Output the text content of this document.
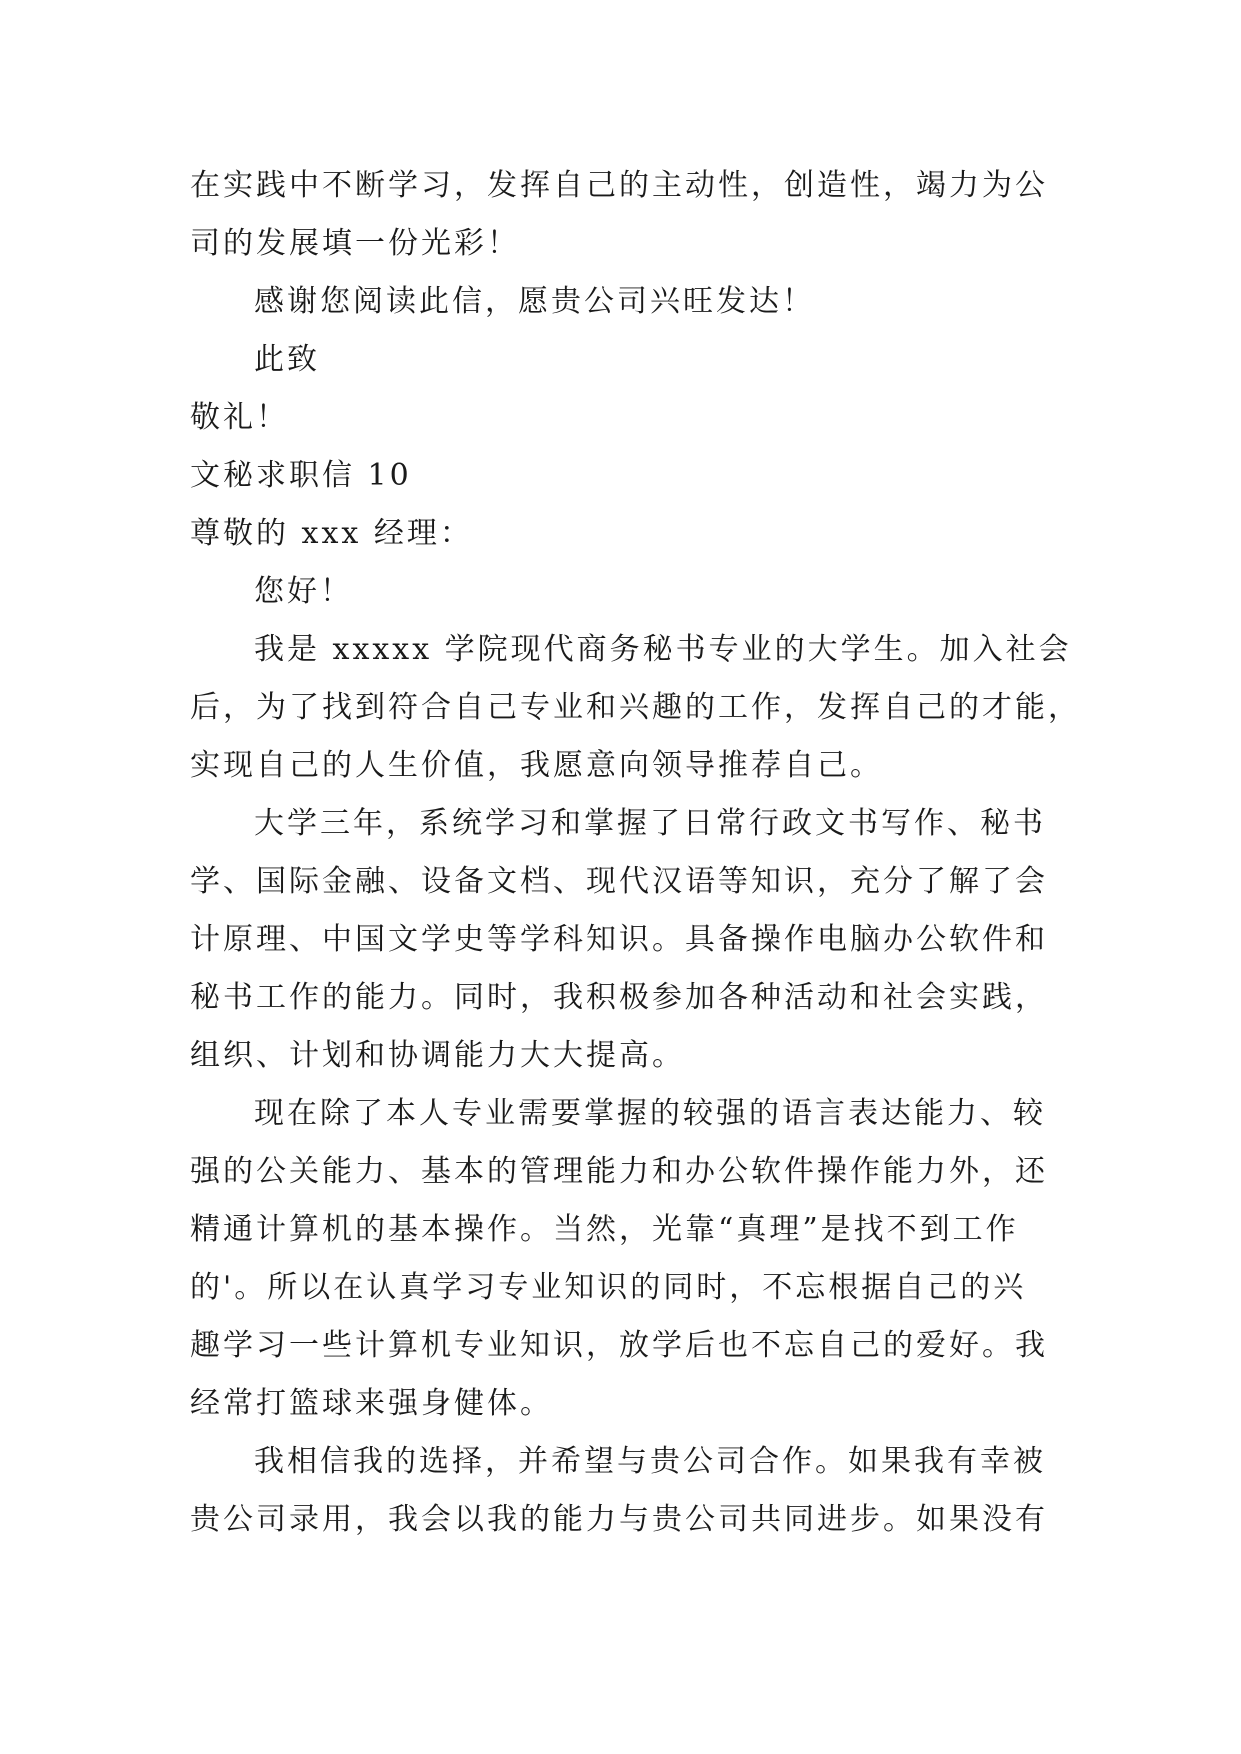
在实践中不断学习，发挥自己的主动性，创造性，竭力为公

司的发展填一份光彩！

感谢您阅读此信，愿贵公司兴旺发达！

此致

敬礼！

文秘求职信 10

尊敬的 xxx 经理：

您好！

我是 xxxxx 学院现代商务秘书专业的大学生。加入社会

后，为了找到符合自己专业和兴趣的工作，发挥自己的才能，

实现自己的人生价值，我愿意向领导推荐自己。

大学三年，系统学习和掌握了日常行政文书写作、秘书

学、国际金融、设备文档、现代汉语等知识，充分了解了会

计原理、中国文学史等学科知识。具备操作电脑办公软件和

秘书工作的能力。同时，我积极参加各种活动和社会实践，

组织、计划和协调能力大大提高。

现在除了本人专业需要掌握的较强的语言表达能力、较

强的公关能力、基本的管理能力和办公软件操作能力外，还

精通计算机的基本操作。当然，光靠“真理”是找不到工作

的'。所以在认真学习专业知识的同时，不忘根据自己的兴

趣学习一些计算机专业知识，放学后也不忘自己的爱好。我

经常打篮球来强身健体。

我相信我的选择，并希望与贵公司合作。如果我有幸被

贵公司录用，我会以我的能力与贵公司共同进步。如果没有
